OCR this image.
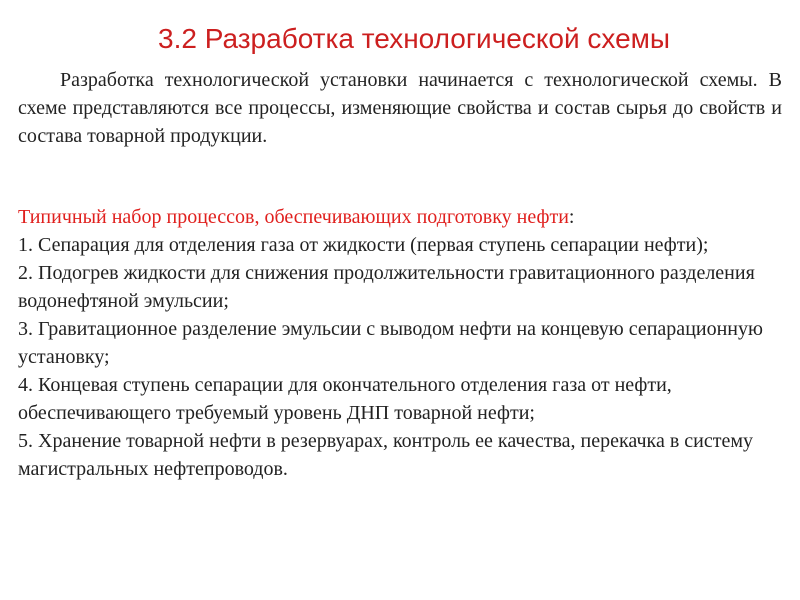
3.2 Разработка технологической схемы

Разработка технологической установки начинается с технологической схемы. В схеме представляются все процессы, изменяющие свойства и состав сырья до свойств и состава товарной продукции.

Типичный набор процессов, обеспечивающих подготовку нефти:

1. Сепарация для отделения газа от жидкости (первая ступень сепарации нефти);

2. Подогрев жидкости для снижения продолжительности гравитационного разделения водонефтяной эмульсии;

3. Гравитационное разделение эмульсии с выводом нефти на концевую сепарационную установку;

4. Концевая ступень сепарации для окончательного отделения газа от нефти, обеспечивающего требуемый уровень ДНП товарной нефти;

5. Хранение товарной нефти в резервуарах, контроль ее качества, перекачка в систему магистральных нефтепроводов.
